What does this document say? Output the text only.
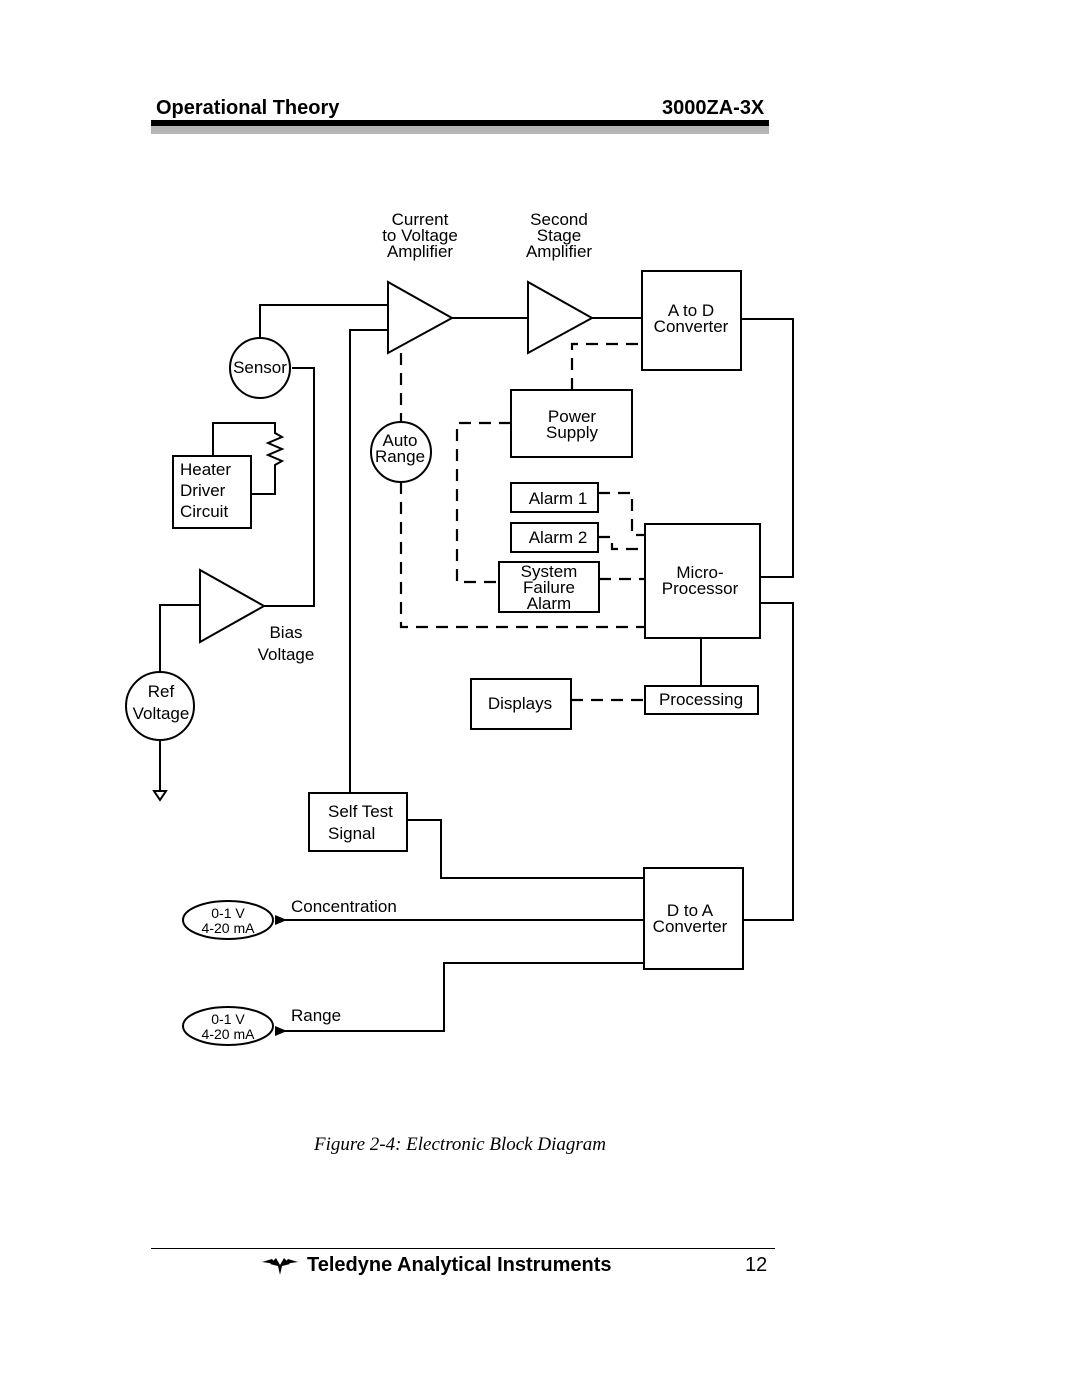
Operational Theory	3000ZA-3X
Current to Voltage Amplifier
Second Stage Amplifier
A to D Converter
Sensor
Power Supply
Auto Range
Heater Driver Circuit
Alarm 1
Alarm 2
System Failure Alarm
Micro-Processor
Bias Voltage
Ref Voltage
Displays	Processing
Self Test Signal
D to A Converter
Concentration
Range
0-1 V 4-20 mA
0-1 V 4-20 mA
Figure 2-4: Electronic Block Diagram
Teledyne Analytical Instruments	12
